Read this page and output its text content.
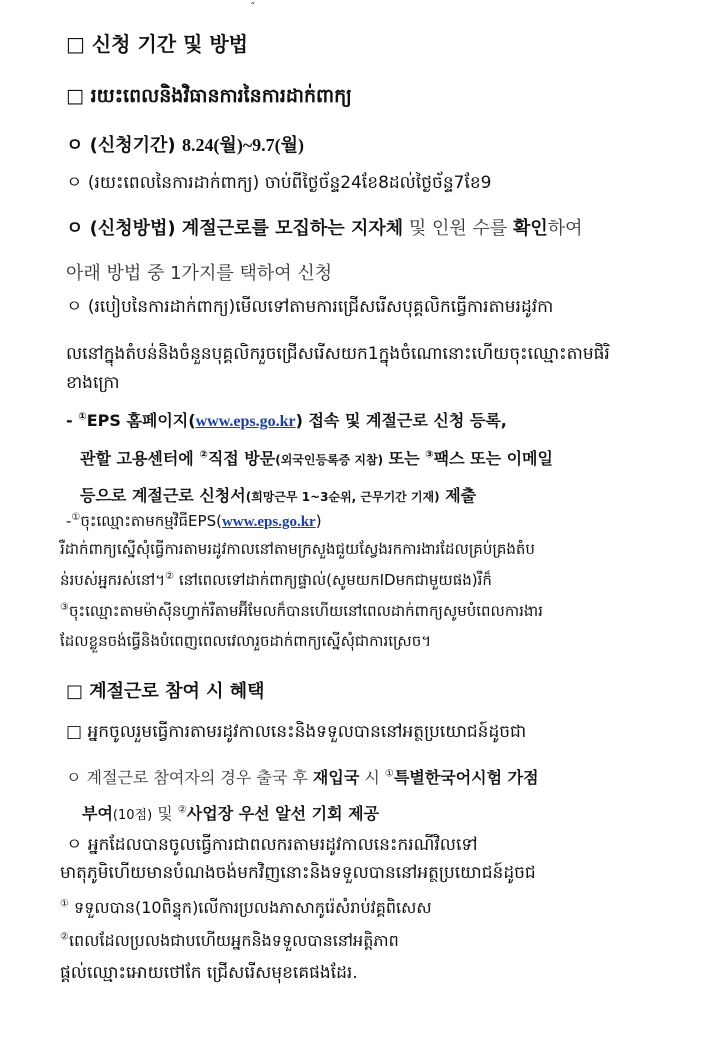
˝
□ 신청 기간 및 방법
□ រយះពេលនិងវិធានការនៃការដាក់ពាក្យ
ㅇ (신청기간) 8.24(월)~9.7(월)
ㅇ (រយះពេលនៃការដាក់ពាក្យ) ចាប់ពីថ្ងៃច័ន្ទ24ខែ8ដល់ថ្ងៃច័ន្ទ7ខែ9
ㅇ (신청방법) 계절근로를 모집하는 지자체 및 인원 수를 확인하여
아래 방법 중 1가지를 택하여 신청
ㅇ (របៀបនៃការដាក់ពាក្យ)មើលទៅតាមការជ្រើសរើសបុគ្គលិកធ្វើការតាមរដូវកា
លនៅក្នុងតំបន់និងចំនួនបុគ្គលិករួចជ្រើសរើសយក1ក្នុងចំណោនោះហើយចុះឈ្មោះតាមផិរិ
ខាងក្រោ
- ①EPS 홈페이지(www.eps.go.kr) 접속 및 계절근로 신청 등록,
관할 고용센터에 ②직접 방문(외국인등록증 지참) 또는 ③팩스 또는 이메일
등으로 계절근로 신청서(희망근무 1~3순위, 근무기간 기재) 제출
-①ចុះឈ្មោះតាមកម្មវិធីEPS(www.eps.go.kr)
រឺដាក់ពាក្យស្នើសុំធ្វើការតាមរដូវកាលនៅតាមក្រសួងជួយស្វែងរកការងារដែលគ្រប់គ្រងតំប
ន់របស់អ្នករស់នៅ។② នៅពេលទៅដាក់ពាក្យផ្ទាល់(សូមយកIDមកជាមួយផង)រឺក៏
③ចុះឈ្មោះតាមម៉ាស៊ីនហ្វាក់រឺតាមអ៊ីមែលក៏បានហើយនៅពេលដាក់ពាក្យសូមបំពេលការងារ
ដែលខ្លួនចង់ធ្វើនិងបំពេញពេលវេលារួចដាក់ពាក្យស្នើសុំជាការស្រេច។
□ 계절근로 참여 시 혜택
□ អ្នកចូលរួមធ្វើការតាមរដូវកាលនេះនិងទទួលបាននៅអត្ថប្រយោជន៍ដូចជា
ㅇ 계절근로 참여자의 경우 출국 후 재입국 시 ①특별한국어시험 가점
부여(10점) 및 ②사업장 우선 알선 기회 제공
ㅇ អ្នកដែលបានចូលធ្វើការជាពលករតាមរដូវកាលនេះករណីវិលទៅ
មាតុភូមិហើយមានបំណងចង់មកវិញនោះនិងទទួលបាននៅអត្ថប្រយោជន៍ដូចជ
① ទទួលបាន(10ពិន្ទុក)លើការប្រលងភាសាកូរ៉េសំរាប់វគ្គពិសេស
②ពេលដែលប្រលងជាបហើយអ្នកនិងទទួលបាននៅអត្តិភាព
ផ្តល់ឈ្មោះអោយថៅកែ ជ្រើសរើសមុខគេផងដែរ.
